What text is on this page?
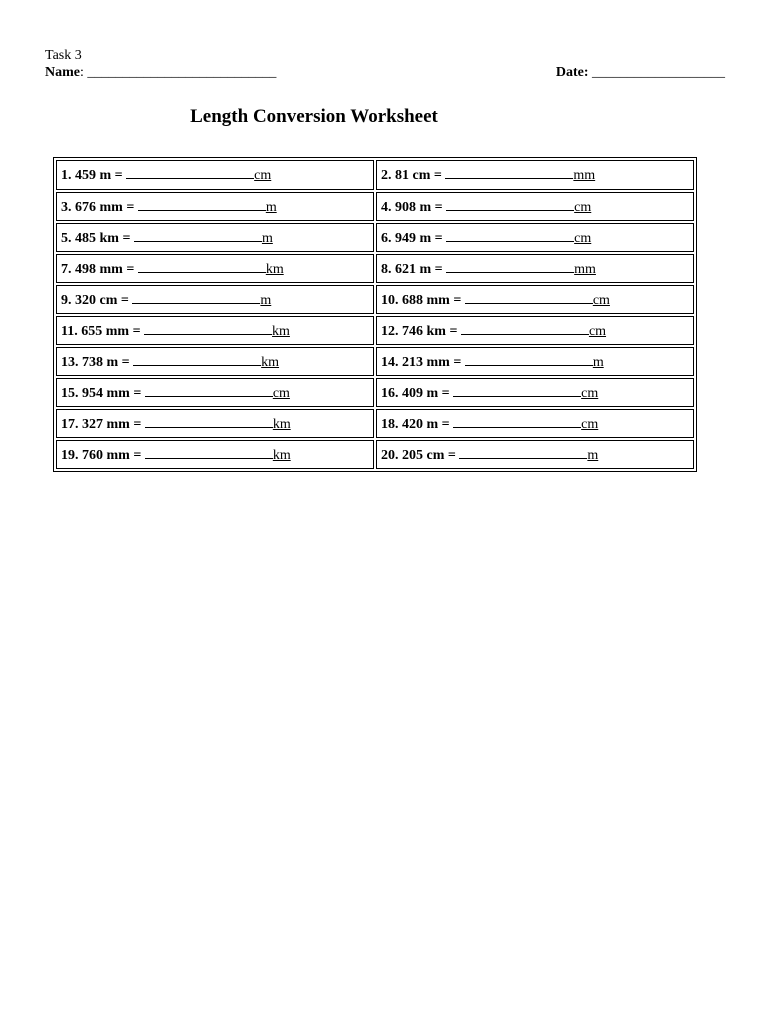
Task 3
Name: ___________________________	Date: ___________________
Length Conversion Worksheet
1. 459 m = cm	2. 81 cm = mm
3. 676 mm = m	4. 908 m = cm
5. 485 km = m	6. 949 m = cm
7. 498 mm = km	8. 621 m = mm
9. 320 cm = m	10. 688 mm = cm
11. 655 mm = km	12. 746 km = cm
13. 738 m = km	14. 213 mm = m
15. 954 mm = cm	16. 409 m = cm
17. 327 mm = km	18. 420 m = cm
19. 760 mm = km	20. 205 cm = m
